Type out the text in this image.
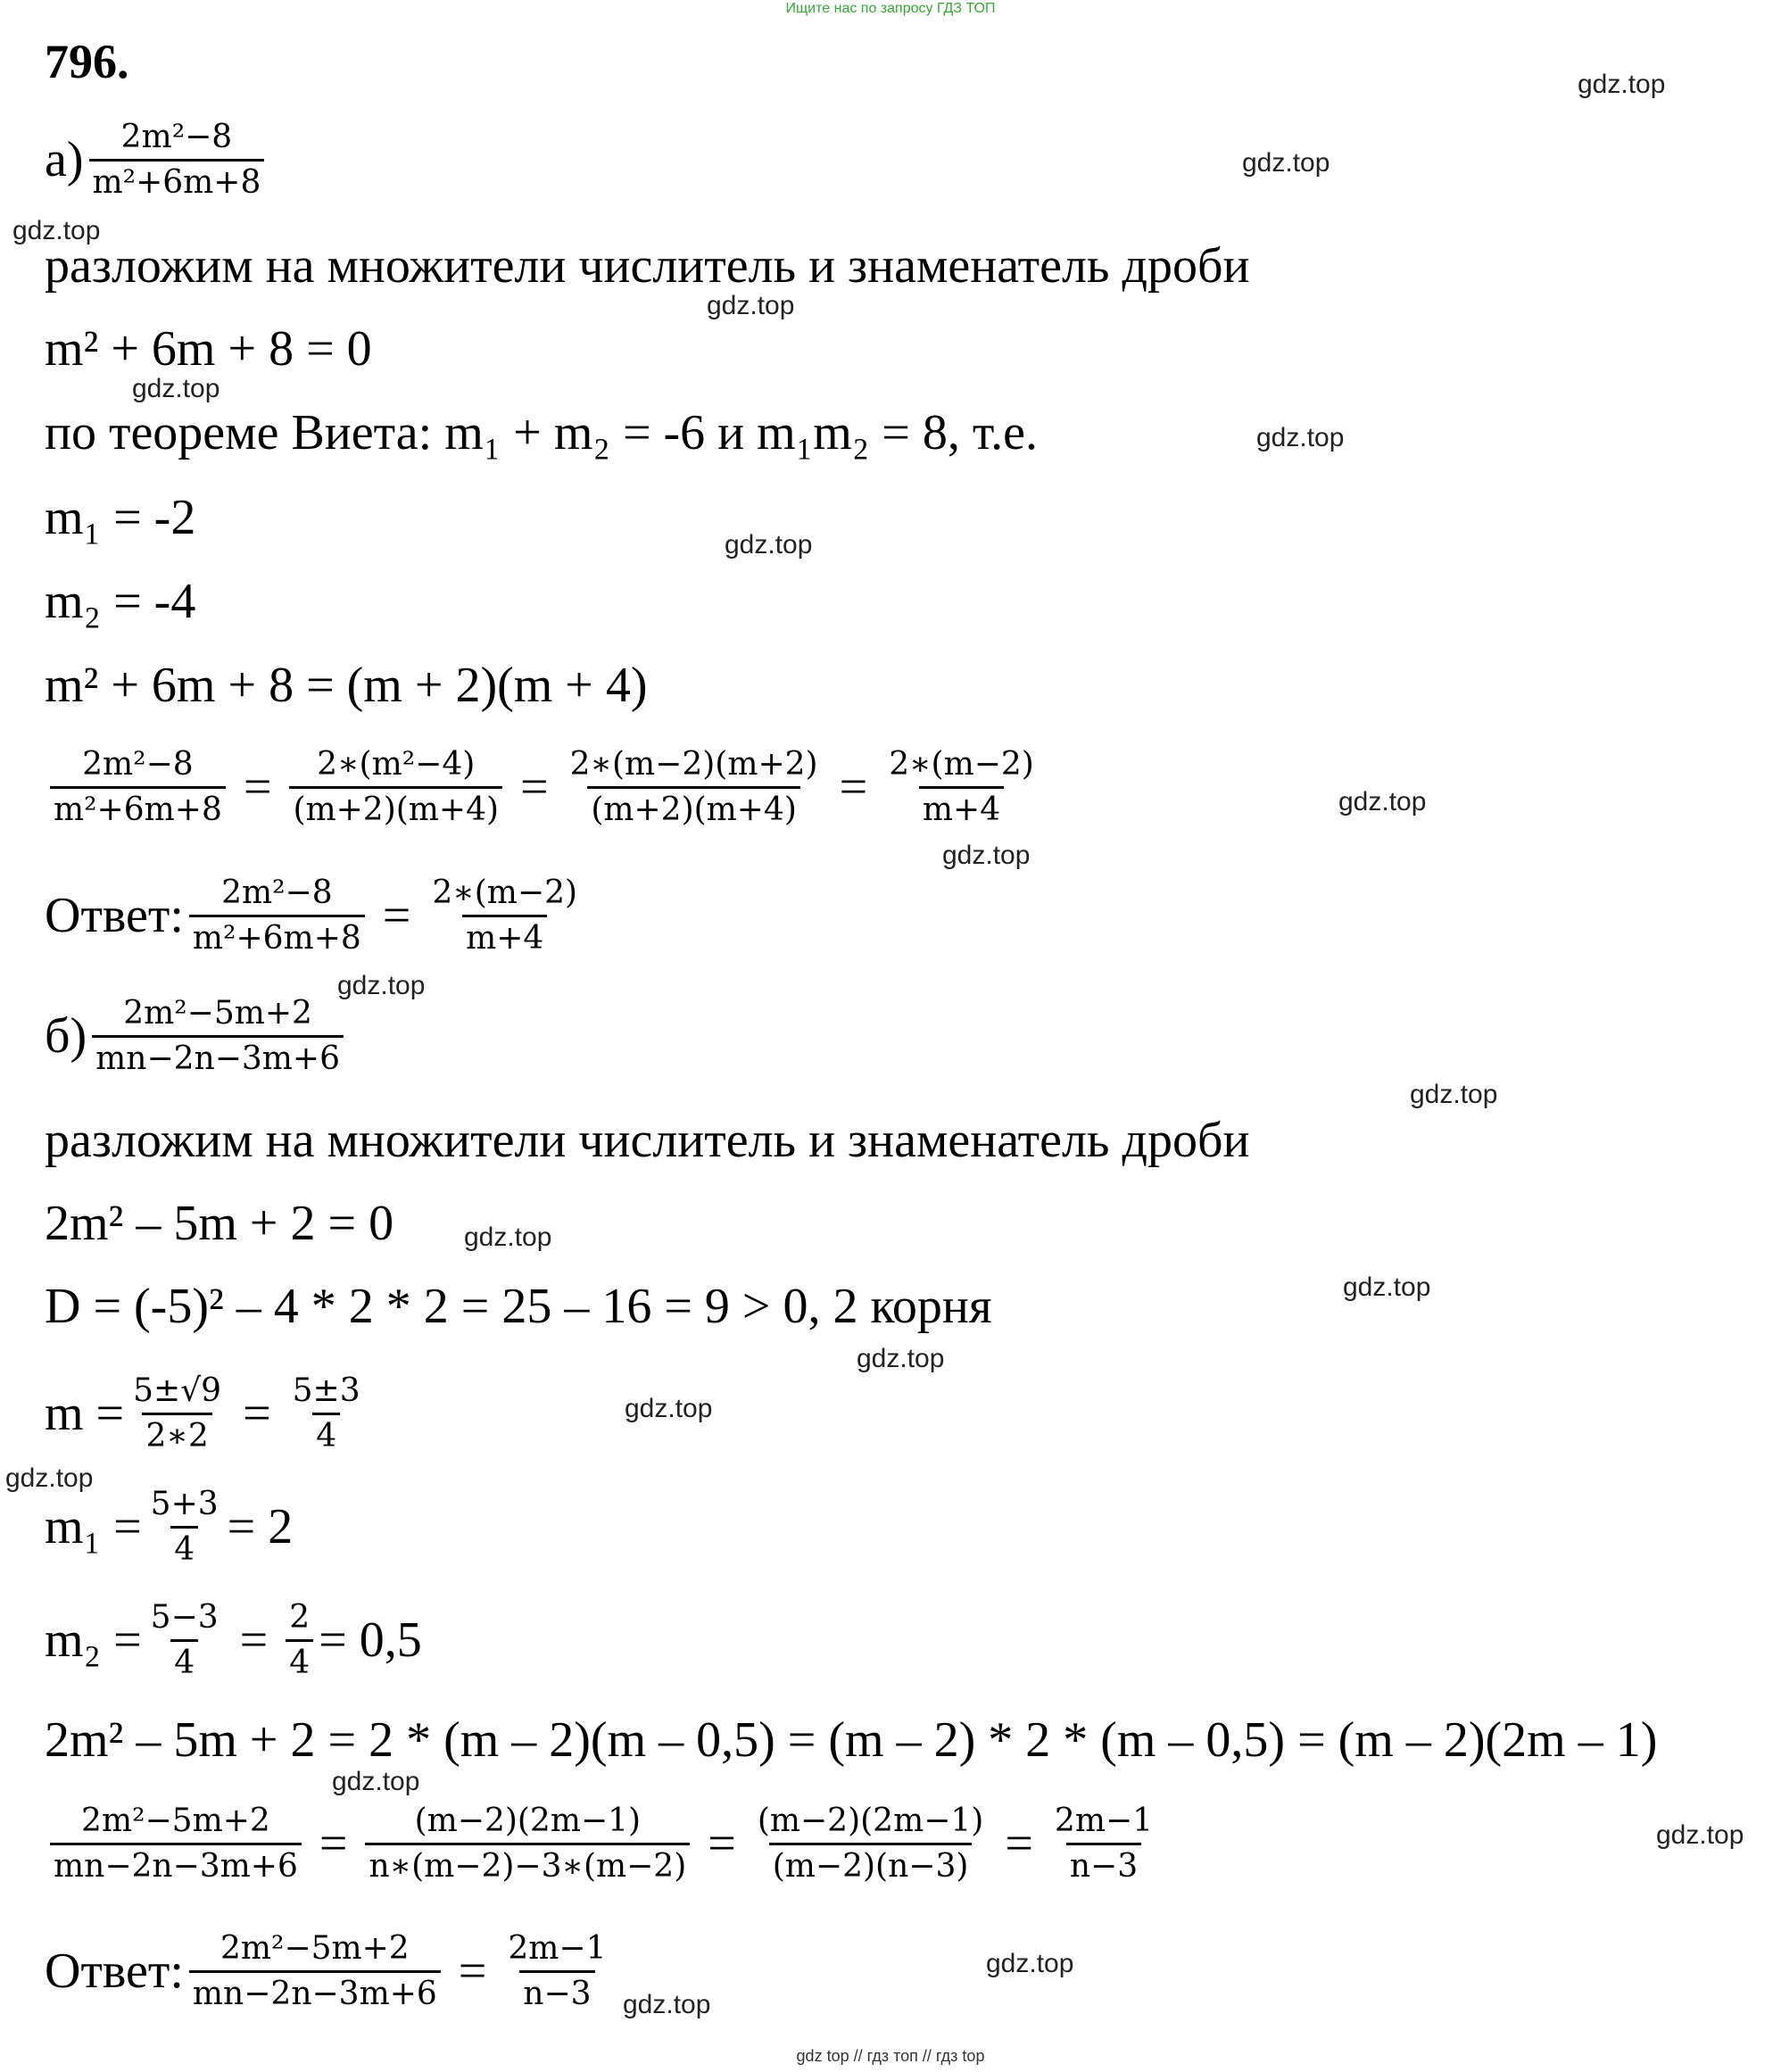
Ищите нас по запросу ГДЗ ТОП
796.
$а) \frac{\text{2m²−8}}{\text{m²+6m+8}}$
разложим на множители числитель и знаменатель дроби
m² + 6m + 8 = 0
по теореме Виета: m₁ + m₂ = -6 и m₁m₂ = 8, т.е.
m₁ = -2
m₂ = -4
m² + 6m + 8 = (m + 2)(m + 4)
$\frac{\text{2m²−8}}{\text{m²+6m+8}} = \frac{\text{2∗(m²−4)}}{(m+2)(m+4)} = \frac{2∗(m-2)(m+2)}{(m+2)(m+4)} = \frac{2∗(m-2)}{m+4}$
Ответ: $\frac{\text{2m²−8}}{\text{m²+6m+8}} = \frac{2∗(m-2)}{m+4}$
$б) \frac{\text{2m²−5m+2}}{mn-2n-3m+6}$
разложим на множители числитель и знаменатель дроби
2m² – 5m + 2 = 0
D = (-5)² – 4 * 2 * 2 = 25 – 16 = 9 > 0, 2 корня
$m = \frac{5\pm√9}{2∗2} = \frac{5\pm 3}{4}$
$m_1 = \frac{5+3}{4} = 2$
$m_2 = \frac{5-3}{4} = \frac{2}{4} = 0,5$
2m² – 5m + 2 = 2 * (m – 2)(m – 0,5) = (m – 2) * 2 * (m – 0,5) = (m – 2)(2m – 1)
$\frac{\text{2m²−5m+2}}{mn-2n-3m+6} = \frac{(m-2)(2m-1)}{n∗(m-2)-3∗(m-2)} = \frac{(m-2)(2m-1)}{(m-2)(n-3)} = \frac{2m-1}{n-3}$
Ответ: $\frac{\text{2m²−5m+2}}{mn-2n-3m+6} = \frac{2m-1}{n-3}$
gdz.top
gdz.top
gdz.top
gdz.top
gdz.top
gdz.top
gdz.top
gdz.top
gdz.top
gdz.top
gdz.top
gdz.top
gdz.top
gdz.top
gdz.top
gdz.top
gdz.top
gdz.top
gdz.top
gdz.top
gdz top // гдз топ // гдз top
